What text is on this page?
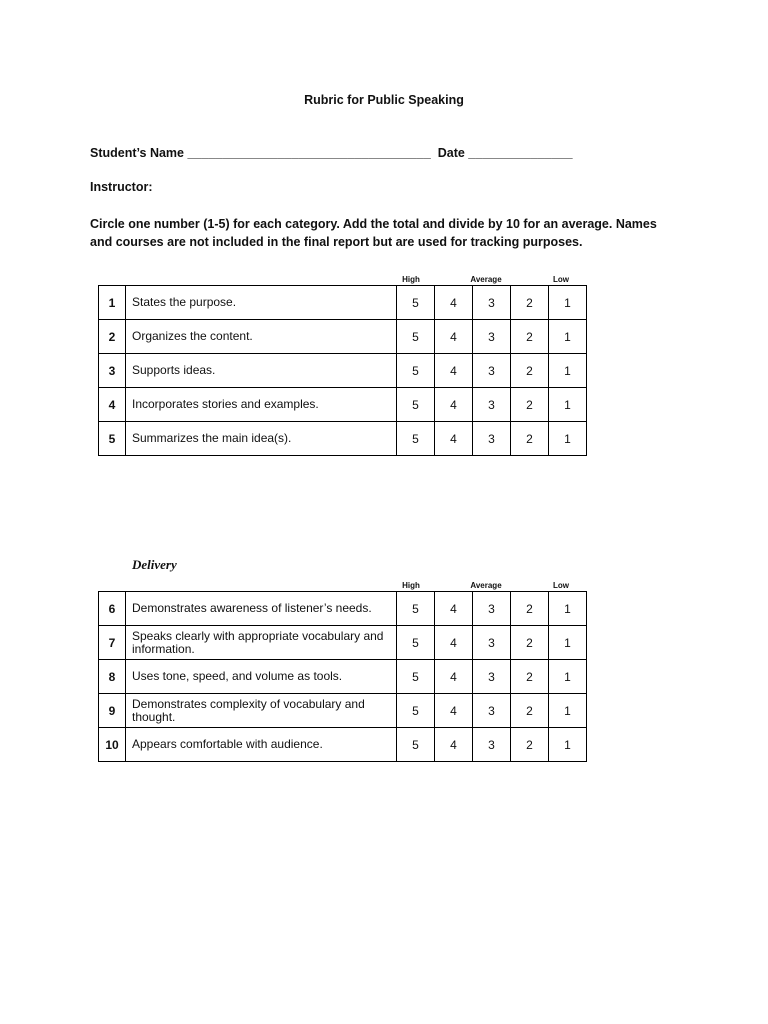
Rubric for Public Speaking
Student’s Name ___________________________________  Date _______________
Instructor:
Circle one number (1-5) for each category. Add the total and divide by 10 for an average. Names and courses are not included in the final report but are used for tracking purposes.
High	Average	Low
1	States the purpose.	5	4	3	2	1
2	Organizes the content.	5	4	3	2	1
3	Supports ideas.	5	4	3	2	1
4	Incorporates stories and examples.	5	4	3	2	1
5	Summarizes the main idea(s).	5	4	3	2	1
Delivery
High	Average	Low
6	Demonstrates awareness of listener’s needs.	5	4	3	2	1
7	Speaks clearly with appropriate vocabulary and information.	5	4	3	2	1
8	Uses tone, speed, and volume as tools.	5	4	3	2	1
9	Demonstrates complexity of vocabulary and thought.	5	4	3	2	1
10	Appears comfortable with audience.	5	4	3	2	1
